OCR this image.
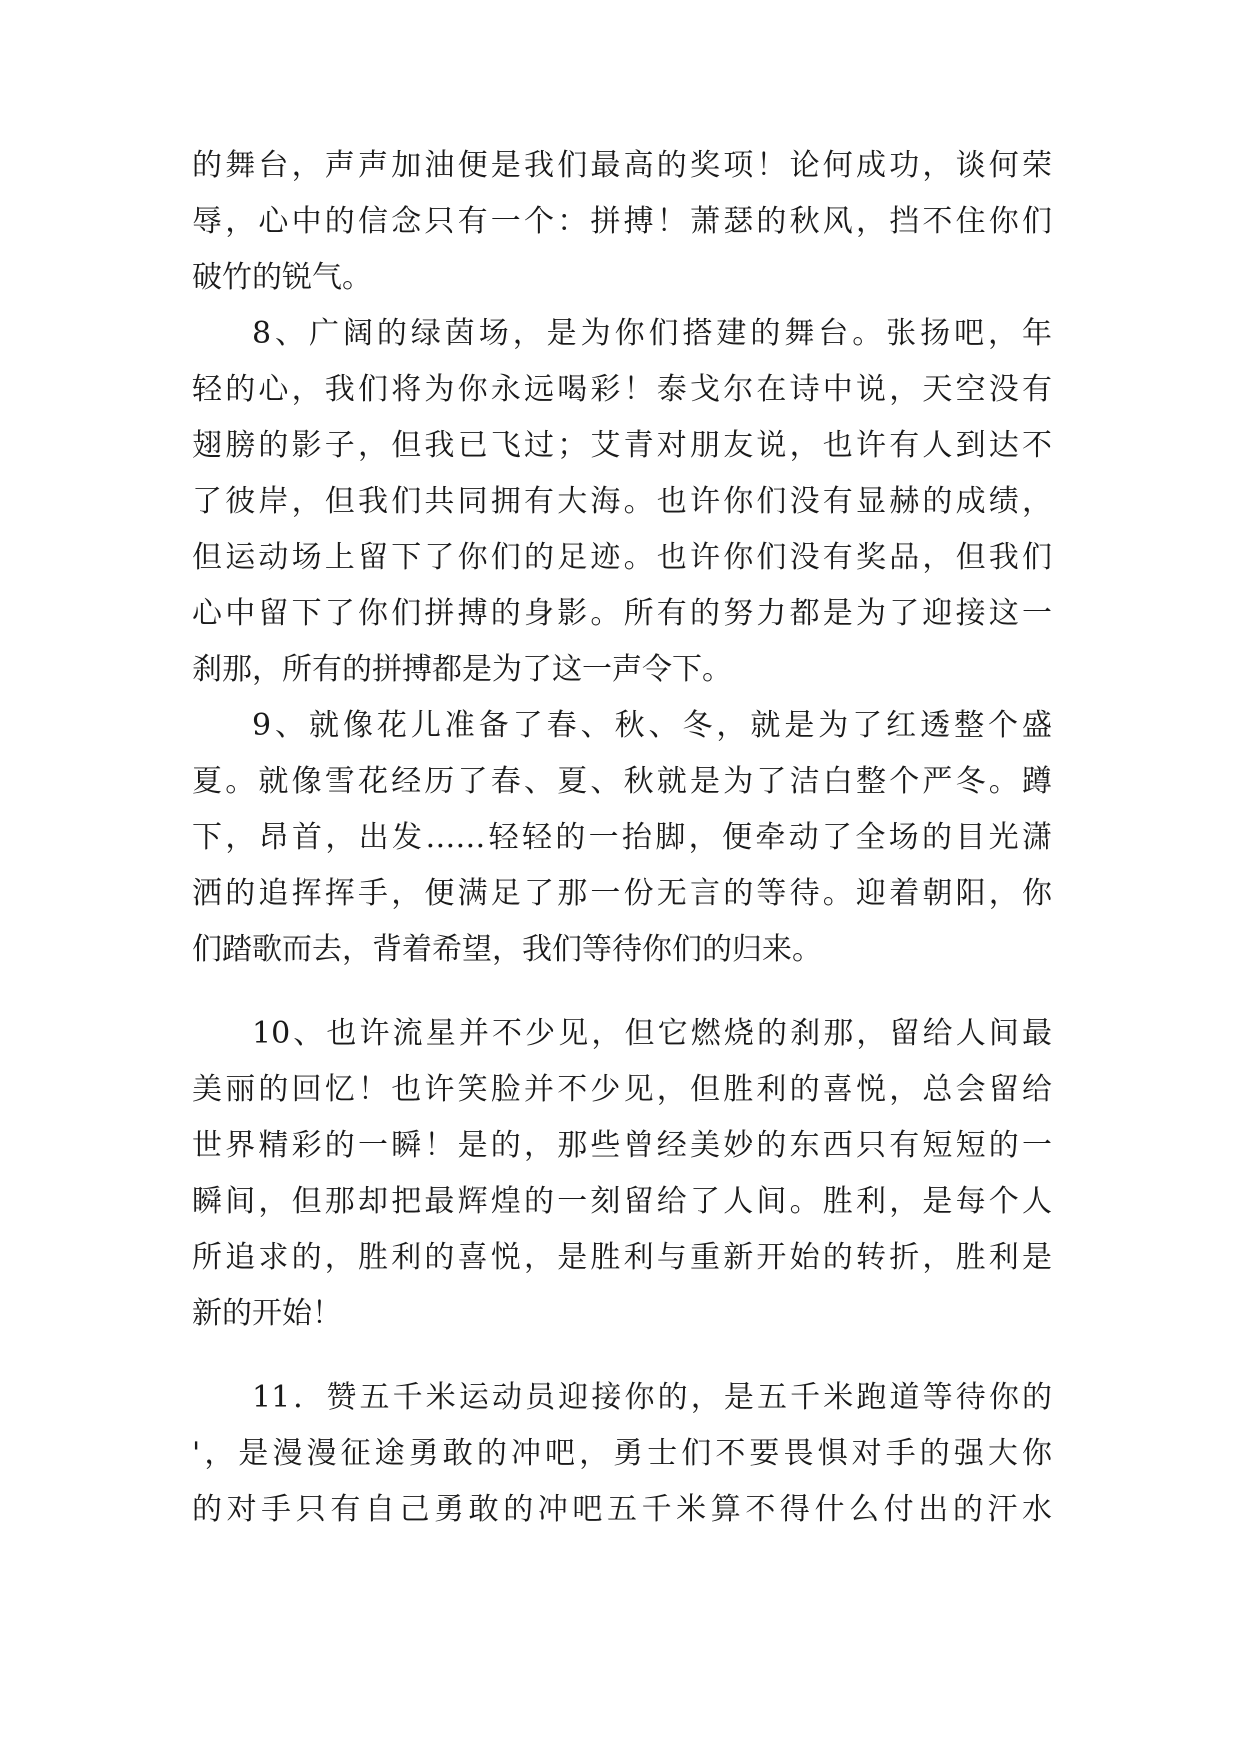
的舞台，声声加油便是我们最高的奖项！论何成功，谈何荣

辱，心中的信念只有一个：拼搏！萧瑟的秋风，挡不住你们

破竹的锐气。

8、广阔的绿茵场，是为你们搭建的舞台。张扬吧，年

轻的心，我们将为你永远喝彩！泰戈尔在诗中说，天空没有

翅膀的影子，但我已飞过；艾青对朋友说，也许有人到达不

了彼岸，但我们共同拥有大海。也许你们没有显赫的成绩，

但运动场上留下了你们的足迹。也许你们没有奖品，但我们

心中留下了你们拼搏的身影。所有的努力都是为了迎接这一

刹那，所有的拼搏都是为了这一声令下。

9、就像花儿准备了春、秋、冬，就是为了红透整个盛

夏。就像雪花经历了春、夏、秋就是为了洁白整个严冬。蹲

下，昂首，出发……轻轻的一抬脚，便牵动了全场的目光潇

洒的追挥挥手，便满足了那一份无言的等待。迎着朝阳，你

们踏歌而去，背着希望，我们等待你们的归来。

10、也许流星并不少见，但它燃烧的刹那，留给人间最

美丽的回忆！也许笑脸并不少见，但胜利的喜悦，总会留给

世界精彩的一瞬！是的，那些曾经美妙的东西只有短短的一

瞬间，但那却把最辉煌的一刻留给了人间。胜利，是每个人

所追求的，胜利的喜悦，是胜利与重新开始的转折，胜利是

新的开始！

11．赞五千米运动员迎接你的，是五千米跑道等待你的

'，是漫漫征途勇敢的冲吧，勇士们不要畏惧对手的强大你

的对手只有自己勇敢的冲吧五千米算不得什么付出的汗水
